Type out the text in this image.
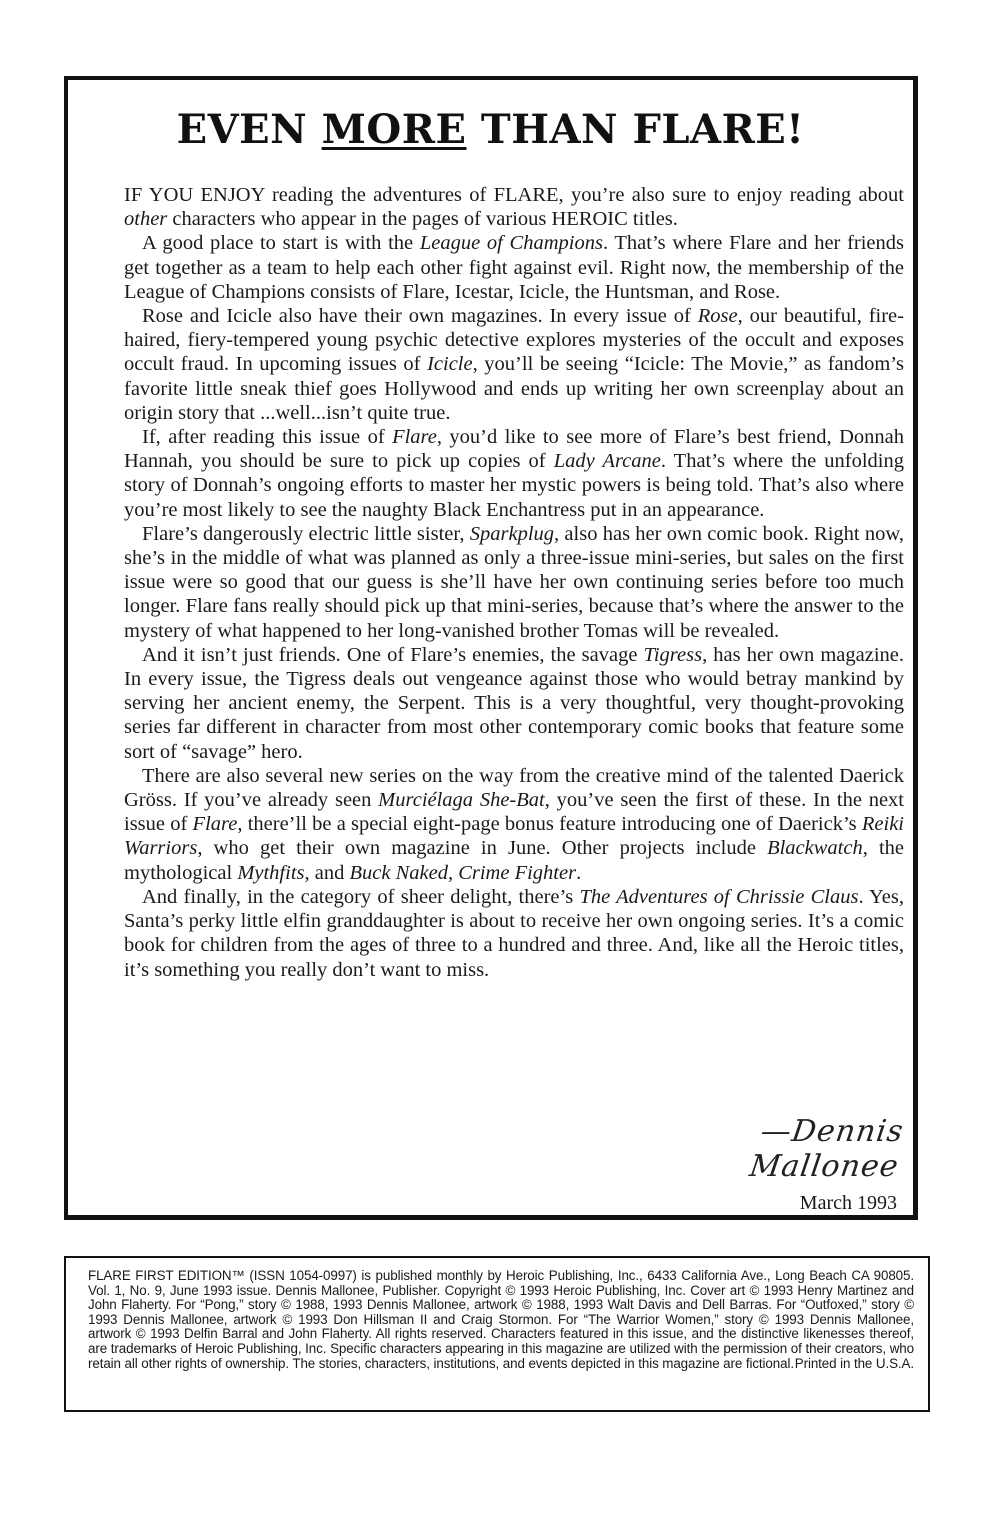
EVEN MORE THAN FLARE!

IF YOU ENJOY reading the adventures of FLARE, you’re also sure to enjoy reading about other characters who appear in the pages of various HEROIC titles.

A good place to start is with the League of Champions. That’s where Flare and her friends get together as a team to help each other fight against evil. Right now, the membership of the League of Champions consists of Flare, Icestar, Icicle, the Huntsman, and Rose.

Rose and Icicle also have their own magazines. In every issue of Rose, our beautiful, fire-haired, fiery-tempered young psychic detective explores mysteries of the occult and exposes occult fraud. In upcoming issues of Icicle, you’ll be seeing “Icicle: The Movie,” as fandom’s favorite little sneak thief goes Hollywood and ends up writing her own screenplay about an origin story that ...well...isn’t quite true.

If, after reading this issue of Flare, you’d like to see more of Flare’s best friend, Donnah Hannah, you should be sure to pick up copies of Lady Arcane. That’s where the unfolding story of Donnah’s ongoing efforts to master her mystic powers is being told. That’s also where you’re most likely to see the naughty Black Enchantress put in an appearance.

Flare’s dangerously electric little sister, Sparkplug, also has her own comic book. Right now, she’s in the middle of what was planned as only a three-issue mini-series, but sales on the first issue were so good that our guess is she’ll have her own continuing series before too much longer. Flare fans really should pick up that mini-series, because that’s where the answer to the mystery of what happened to her long-vanished brother Tomas will be revealed.

And it isn’t just friends. One of Flare’s enemies, the savage Tigress, has her own magazine. In every issue, the Tigress deals out vengeance against those who would betray mankind by serving her ancient enemy, the Serpent. This is a very thoughtful, very thought-provoking series far different in character from most other contemporary comic books that feature some sort of “savage” hero.

There are also several new series on the way from the creative mind of the talented Daerick Gröss. If you’ve already seen Murciélaga She-Bat, you’ve seen the first of these. In the next issue of Flare, there’ll be a special eight-page bonus feature introducing one of Daerick’s Reiki Warriors, who get their own magazine in June. Other projects include Blackwatch, the mythological Mythfits, and Buck Naked, Crime Fighter.

And finally, in the category of sheer delight, there’s The Adventures of Chrissie Claus. Yes, Santa’s perky little elfin granddaughter is about to receive her own ongoing series. It’s a comic book for children from the ages of three to a hundred and three. And, like all the Heroic titles, it’s something you really don’t want to miss.

—Dennis Mallonee
March 1993
FLARE FIRST EDITION™ (ISSN 1054-0997) is published monthly by Heroic Publishing, Inc., 6433 California Ave., Long Beach CA 90805. Vol. 1, No. 9, June 1993 issue. Dennis Mallonee, Publisher. Copyright © 1993 Heroic Publishing, Inc. Cover art © 1993 Henry Martinez and John Flaherty. For “Pong,” story © 1988, 1993 Dennis Mallonee, artwork © 1988, 1993 Walt Davis and Dell Barras. For “Outfoxed,” story © 1993 Dennis Mallonee, artwork © 1993 Don Hillsman II and Craig Stormon. For “The Warrior Women,” story © 1993 Dennis Mallonee, artwork © 1993 Delfin Barral and John Flaherty. All rights reserved. Characters featured in this issue, and the distinctive likenesses thereof, are trademarks of Heroic Publishing, Inc. Specific characters appearing in this magazine are utilized with the permission of their creators, who retain all other rights of ownership. The stories, characters, institutions, and events depicted in this magazine are fictional. Printed in the U.S.A.
